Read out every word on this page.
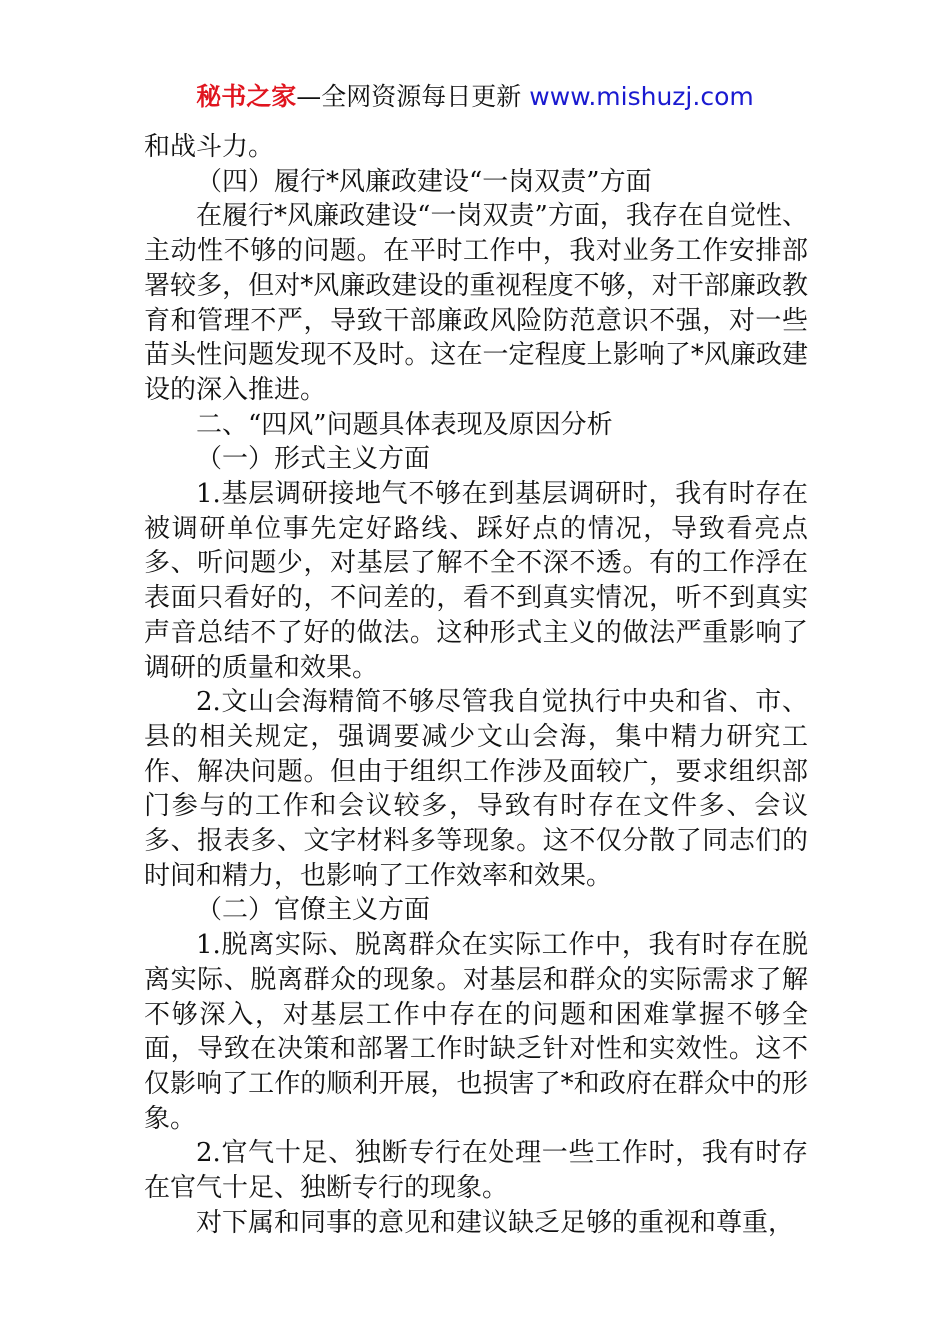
秘书之家—全网资源每日更新 www.mishuzj.com

和战斗力。

（四）履行*风廉政建设“一岗双责”方面

在履行*风廉政建设“一岗双责”方面，我存在自觉性、主动性不够的问题。在平时工作中，我对业务工作安排部署较多，但对*风廉政建设的重视程度不够，对干部廉政教育和管理不严，导致干部廉政风险防范意识不强，对一些苗头性问题发现不及时。这在一定程度上影响了*风廉政建设的深入推进。

二、“四风”问题具体表现及原因分析

（一）形式主义方面

1.基层调研接地气不够在到基层调研时，我有时存在被调研单位事先定好路线、踩好点的情况，导致看亮点多、听问题少，对基层了解不全不深不透。有的工作浮在表面只看好的，不问差的，看不到真实情况，听不到真实声音总结不了好的做法。这种形式主义的做法严重影响了调研的质量和效果。

2.文山会海精简不够尽管我自觉执行中央和省、市、县的相关规定，强调要减少文山会海，集中精力研究工作、解决问题。但由于组织工作涉及面较广，要求组织部门参与的工作和会议较多，导致有时存在文件多、会议多、报表多、文字材料多等现象。这不仅分散了同志们的时间和精力，也影响了工作效率和效果。

（二）官僚主义方面

1.脱离实际、脱离群众在实际工作中，我有时存在脱离实际、脱离群众的现象。对基层和群众的实际需求了解不够深入，对基层工作中存在的问题和困难掌握不够全面，导致在决策和部署工作时缺乏针对性和实效性。这不仅影响了工作的顺利开展，也损害了*和政府在群众中的形象。

2.官气十足、独断专行在处理一些工作时，我有时存在官气十足、独断专行的现象。

对下属和同事的意见和建议缺乏足够的重视和尊重，
